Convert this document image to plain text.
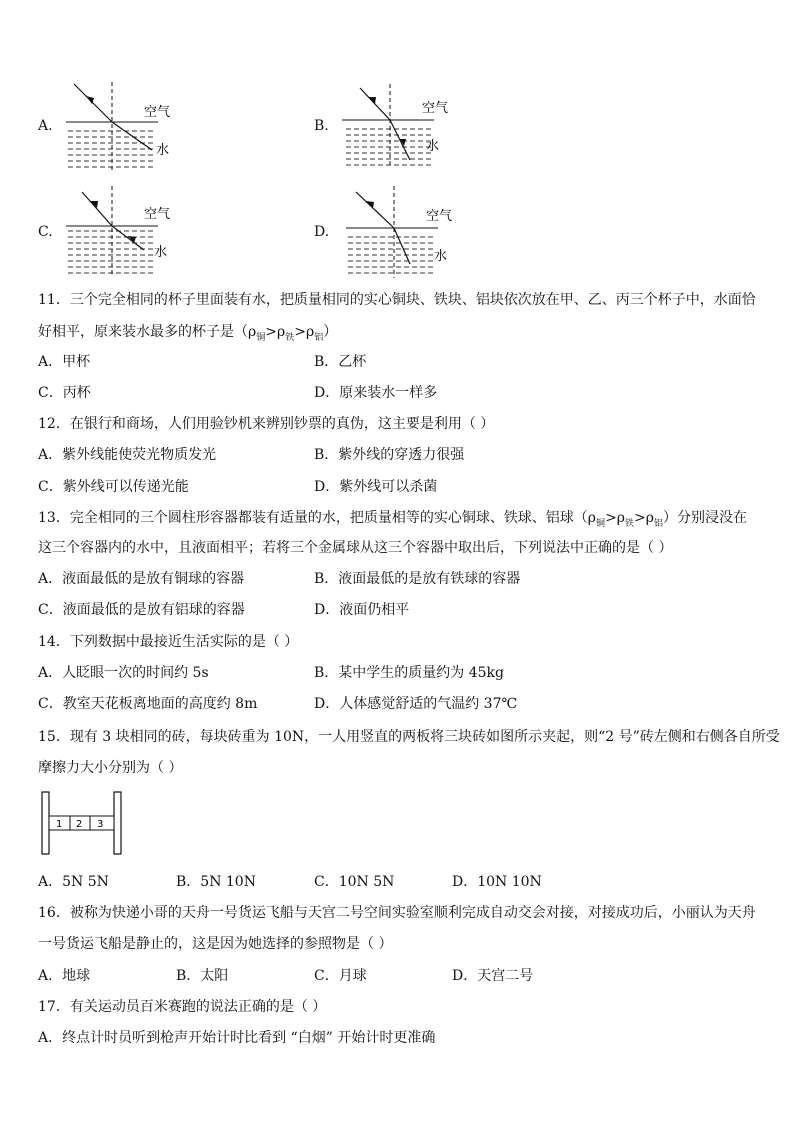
A.	B.
C.	D.
空气
水
空气
水
空气
水
空气
水
11．三个完全相同的杯子里面装有水，把质量相同的实心铜块、铁块、铝块依次放在甲、乙、丙三个杯子中，水面恰
好相平，原来装水最多的杯子是$(\rho_铜>\rho_铁>\rho_铝)$
A．甲杯	B．乙杯
C．丙杯	D．原来装水一样多
12．在银行和商场，人们用验钞机来辨别钞票的真伪，这主要是利用（ ）
A．紫外线能使荧光物质发光	B．紫外线的穿透力很强
C．紫外线可以传递光能	D．紫外线可以杀菌
13．完全相同的三个圆柱形容器都装有适量的水，把质量相等的实心铜球、铁球、铝球$(\rho_铜>\rho_铁>\rho_铝)$分别浸没在
这三个容器内的水中，且液面相平；若将三个金属球从这三个容器中取出后，下列说法中正确的是（ ）
A．液面最低的是放有铜球的容器	B．液面最低的是放有铁球的容器
C．液面最低的是放有铝球的容器	D．液面仍相平
14．下列数据中最接近生活实际的是（ ）
A．人眨眼一次的时间约 5s	B．某中学生的质量约为 45kg
C．教室天花板离地面的高度约 8m	D．人体感觉舒适的气温约 37℃
15．现有 3 块相同的砖，每块砖重为 10N，一人用竖直的两板将三块砖如图所示夹起，则“2 号”砖左侧和右侧各自所受
摩擦力大小分别为（ ）
1 2 3
A．5N 5N	B．5N 10N	C．10N 5N	D．10N 10N
16．被称为快递小哥的天舟一号货运飞船与天宫二号空间实验室顺利完成自动交会对接，对接成功后，小丽认为天舟
一号货运飞船是静止的，这是因为她选择的参照物是（ ）
A．地球	B．太阳	C．月球	D．天宫二号
17．有关运动员百米赛跑的说法正确的是（ ）
A．终点计时员听到枪声开始计时比看到 “白烟” 开始计时更准确
